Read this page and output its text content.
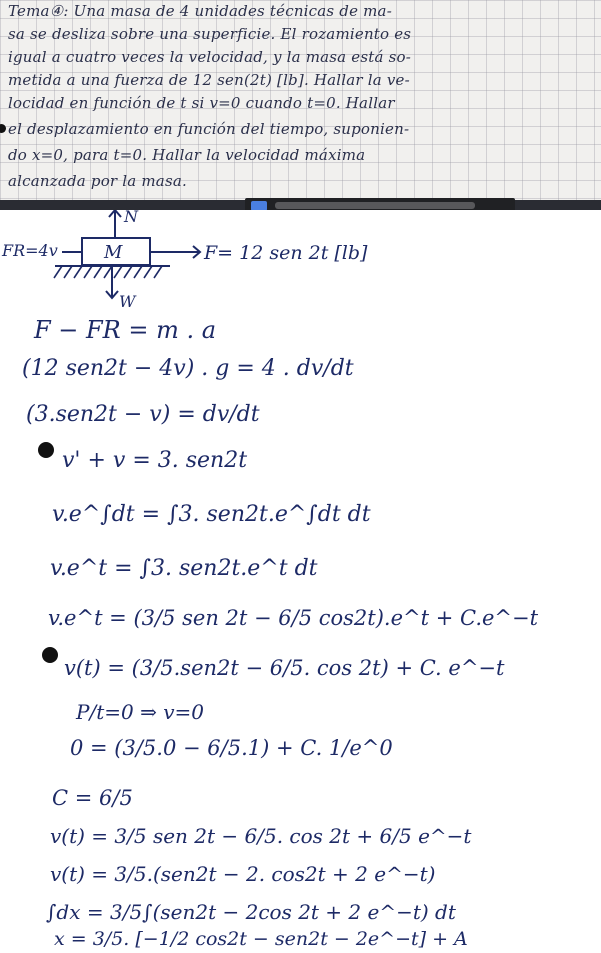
Tema④: Una masa de 4 unidades técnicas de ma-
sa se desliza sobre una superficie. El rozamiento es
igual a cuatro veces la velocidad, y la masa está so-
metida a una fuerza de 12 sen(2t) [lb]. Hallar la ve-
locidad en función de t si v=0 cuando t=0. Hallar
el desplazamiento en función del tiempo, suponien-
do x=0, para t=0. Hallar la velocidad máxima
alcanzada por la masa.
N
M
FR=4v	F= 12 sen 2t [lb]
W
F − FR = m . a
(12 sen2t − 4v) . g = 4 . dv/dt
(3.sen2t − v) = dv/dt
v' + v = 3. sen2t
v.e^∫dt = ∫3. sen2t.e^∫dt dt
v.e^t = ∫3. sen2t.e^t dt
v.e^t = (3/5 sen 2t − 6/5 cos2t).e^t + C.e^−t
v(t) = (3/5.sen2t − 6/5. cos 2t) + C. e^−t
P/t=0 ⇒ v=0
0 = (3/5.0 − 6/5.1) + C. 1/e^0
C = 6/5
v(t) = 3/5 sen 2t − 6/5. cos 2t + 6/5 e^−t
v(t) = 3/5.(sen2t − 2. cos2t + 2 e^−t)
∫dx = 3/5∫(sen2t − 2cos 2t + 2 e^−t) dt
x = 3/5. [−1/2 cos2t − sen2t − 2e^−t] + A
